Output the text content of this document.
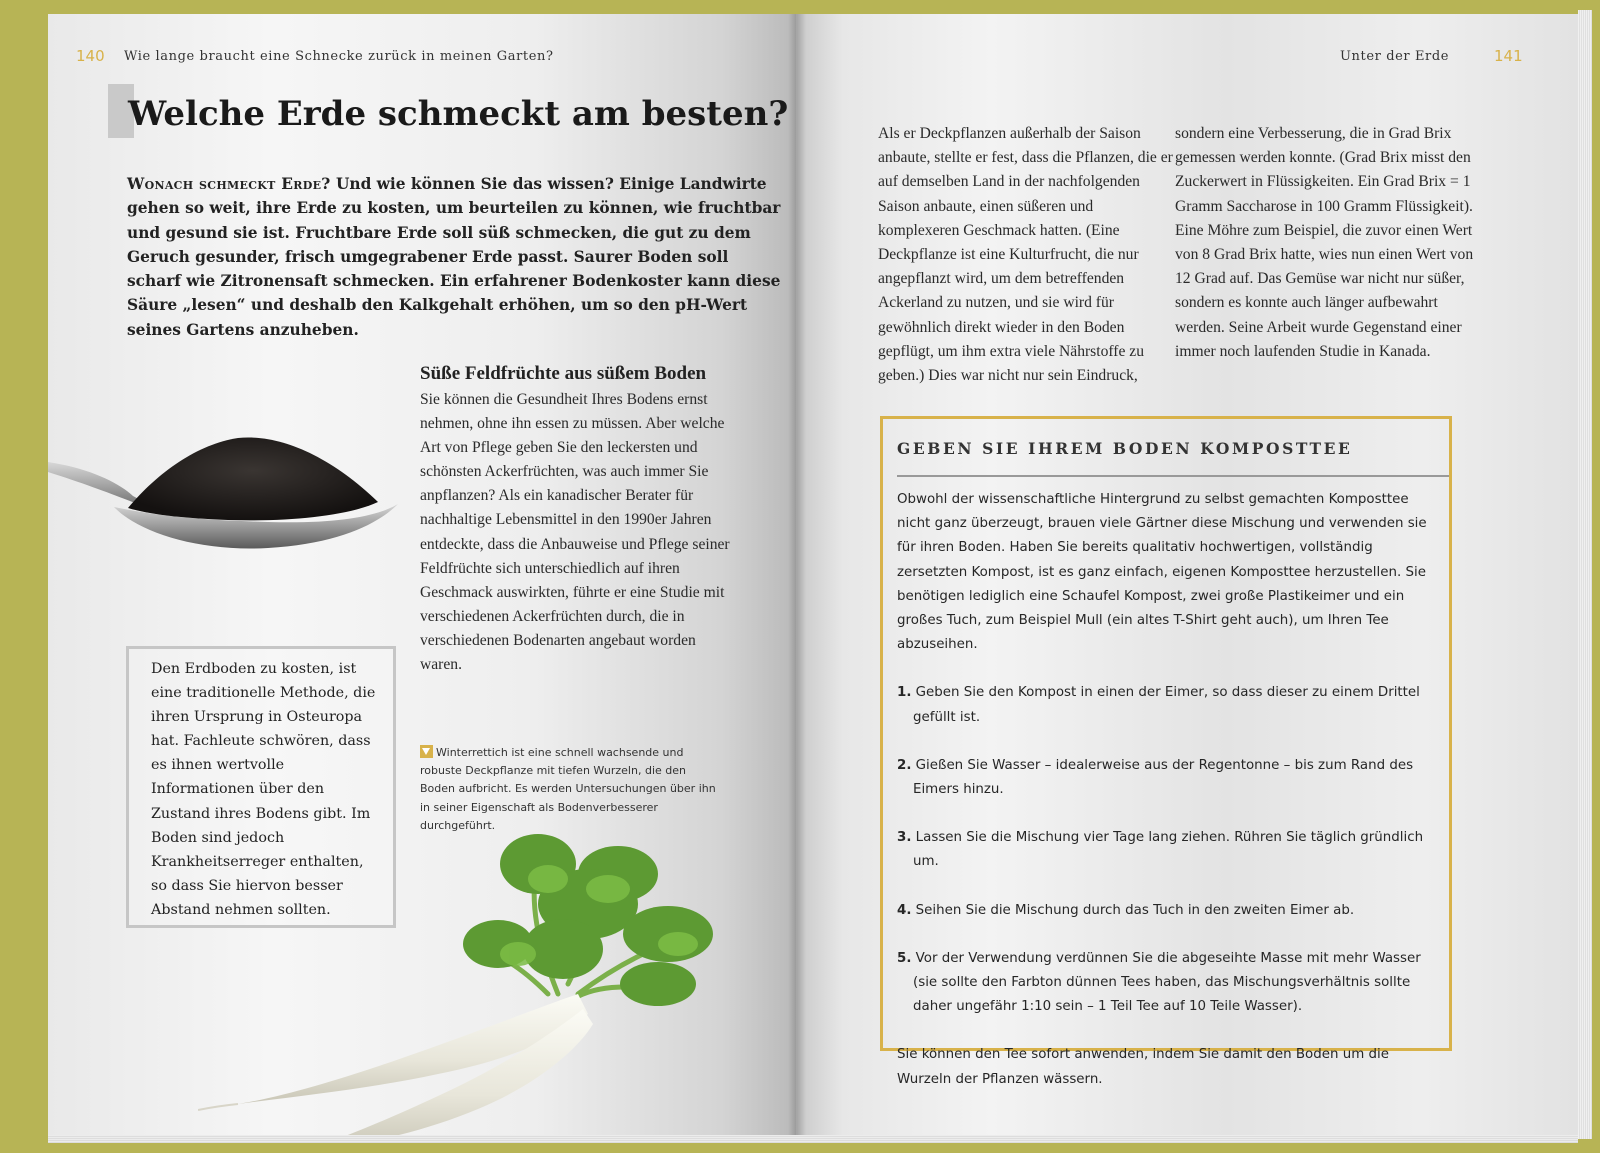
140 Wie lange braucht eine Schnecke zurück in meinen Garten?
Welche Erde schmeckt am besten?

Wonach schmeckt Erde? Und wie können Sie das wissen? Einige Landwirte gehen so weit, ihre Erde zu kosten, um beurteilen zu können, wie fruchtbar und gesund sie ist. Fruchtbare Erde soll süß schmecken, die gut zu dem Geruch gesunder, frisch umgegrabener Erde passt. Saurer Boden soll scharf wie Zitronensaft schmecken. Ein erfahrener Bodenkoster kann diese Säure „lesen“ und deshalb den Kalkgehalt erhöhen, um so den pH-Wert seines Gartens anzuheben.

Süße Feldfrüchte aus süßem Boden

Sie können die Gesundheit Ihres Bodens ernst nehmen, ohne ihn essen zu müssen. Aber welche Art von Pflege geben Sie den leckersten und schönsten Ackerfrüchten, was auch immer Sie anpflanzen? Als ein kanadischer Berater für nachhaltige Lebensmittel in den 1990er Jahren entdeckte, dass die Anbauweise und Pflege seiner Feldfrüchte sich unterschiedlich auf ihren Geschmack auswirkten, führte er eine Studie mit verschiedenen Ackerfrüchten durch, die in verschiedenen Bodenarten angebaut worden waren.

Den Erdboden zu kosten, ist eine traditionelle Methode, die ihren Ursprung in Osteuropa hat. Fachleute schwören, dass es ihnen wertvolle Informationen über den Zustand ihres Bodens gibt. Im Boden sind jedoch Krankheitserreger enthalten, so dass Sie hiervon besser Abstand nehmen sollten.

Winterrettich ist eine schnell wachsende und robuste Deckpflanze mit tiefen Wurzeln, die den Boden aufbricht. Es werden Untersuchungen über ihn in seiner Eigenschaft als Bodenverbesserer durchgeführt.

Unter der Erde	141

Als er Deckpflanzen außerhalb der Saison anbaute, stellte er fest, dass die Pflanzen, die er auf demselben Land in der nachfolgenden Saison anbaute, einen süßeren und komplexeren Geschmack hatten. (Eine Deckpflanze ist eine Kulturfrucht, die nur angepflanzt wird, um dem betreffenden Ackerland zu nutzen, und sie wird für gewöhnlich direkt wieder in den Boden gepflügt, um ihm extra viele Nährstoffe zu geben.) Dies war nicht nur sein Eindruck,

sondern eine Verbesserung, die in Grad Brix gemessen werden konnte. (Grad Brix misst den Zuckerwert in Flüssigkeiten. Ein Grad Brix = 1 Gramm Saccharose in 100 Gramm Flüssigkeit). Eine Möhre zum Beispiel, die zuvor einen Wert von 8 Grad Brix hatte, wies nun einen Wert von 12 Grad auf. Das Gemüse war nicht nur süßer, sondern es konnte auch länger aufbewahrt werden. Seine Arbeit wurde Gegenstand einer immer noch laufenden Studie in Kanada.

GEBEN SIE IHREM BODEN KOMPOSTTEE

Obwohl der wissenschaftliche Hintergrund zu selbst gemachten Komposttee nicht ganz überzeugt, brauen viele Gärtner diese Mischung und verwenden sie für ihren Boden. Haben Sie bereits qualitativ hochwertigen, vollständig zersetzten Kompost, ist es ganz einfach, eigenen Komposttee herzustellen. Sie benötigen lediglich eine Schaufel Kompost, zwei große Plastikeimer und ein großes Tuch, zum Beispiel Mull (ein altes T-Shirt geht auch), um Ihren Tee abzuseihen.

1. Geben Sie den Kompost in einen der Eimer, so dass dieser zu einem Drittel gefüllt ist.
2. Gießen Sie Wasser – idealerweise aus der Regentonne – bis zum Rand des Eimers hinzu.
3. Lassen Sie die Mischung vier Tage lang ziehen. Rühren Sie täglich gründlich um.
4. Seihen Sie die Mischung durch das Tuch in den zweiten Eimer ab.
5. Vor der Verwendung verdünnen Sie die abgeseihte Masse mit mehr Wasser (sie sollte den Farbton dünnen Tees haben, das Mischungsverhältnis sollte daher ungefähr 1:10 sein – 1 Teil Tee auf 10 Teile Wasser).

Sie können den Tee sofort anwenden, indem Sie damit den Boden um die Wurzeln der Pflanzen wässern.
